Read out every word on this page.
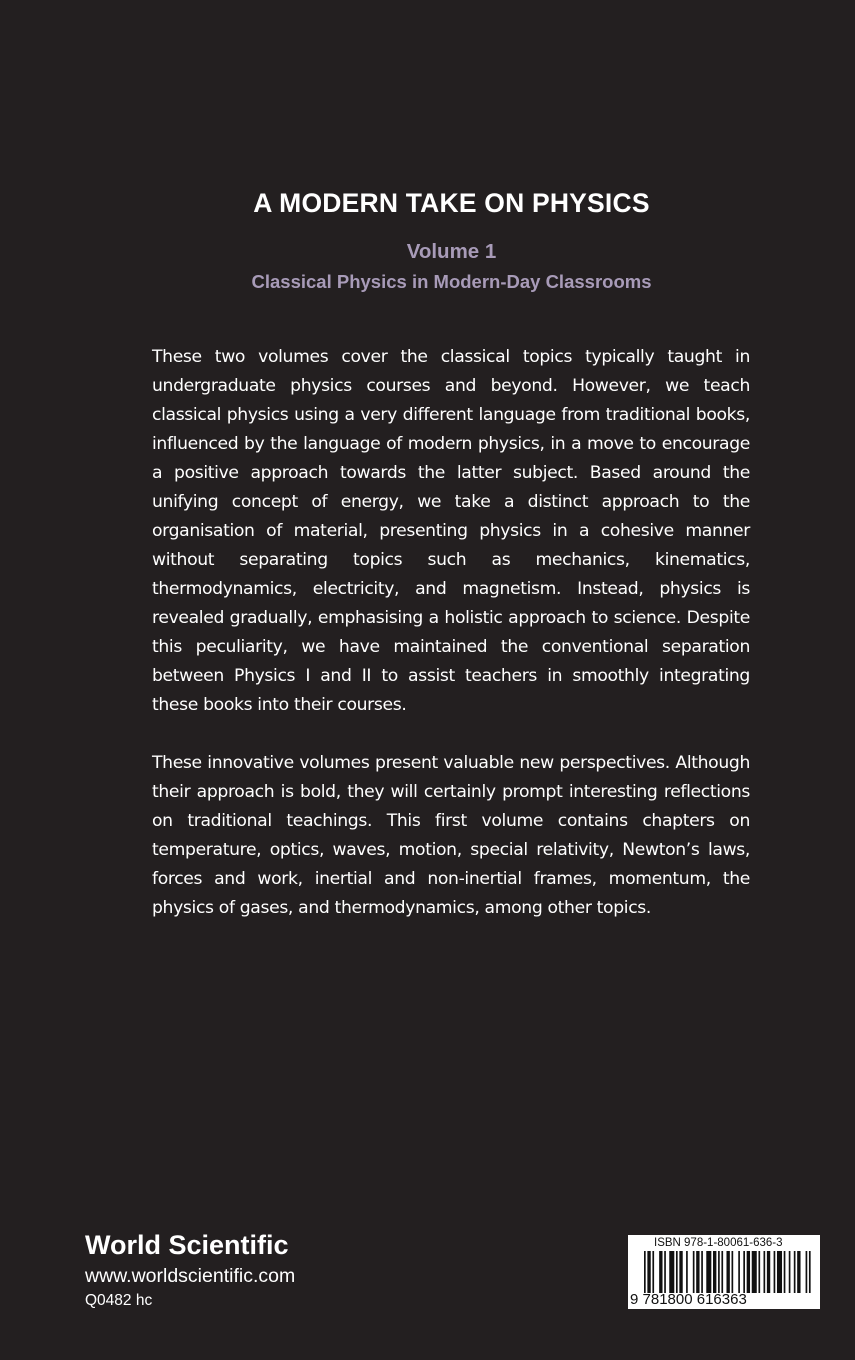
A MODERN TAKE ON PHYSICS
Volume 1
Classical Physics in Modern-Day Classrooms

These two volumes cover the classical topics typically taught in undergraduate physics courses and beyond. However, we teach classical physics using a very different language from traditional books, influenced by the language of modern physics, in a move to encourage a positive approach towards the latter subject. Based around the unifying concept of energy, we take a distinct approach to the organisation of material, presenting physics in a cohesive manner without separating topics such as mechanics, kinematics, thermodynamics, electricity, and magnetism. Instead, physics is revealed gradually, emphasising a holistic approach to science. Despite this peculiarity, we have maintained the conventional separation between Physics I and II to assist teachers in smoothly integrating these books into their courses.

These innovative volumes present valuable new perspectives. Although their approach is bold, they will certainly prompt interesting reflections on traditional teachings. This first volume contains chapters on temperature, optics, waves, motion, special relativity, Newton’s laws, forces and work, inertial and non-inertial frames, momentum, the physics of gases, and thermodynamics, among other topics.

World Scientific
www.worldscientific.com
Q0482 hc
ISBN 978-1-80061-636-3
9 781800 616363
